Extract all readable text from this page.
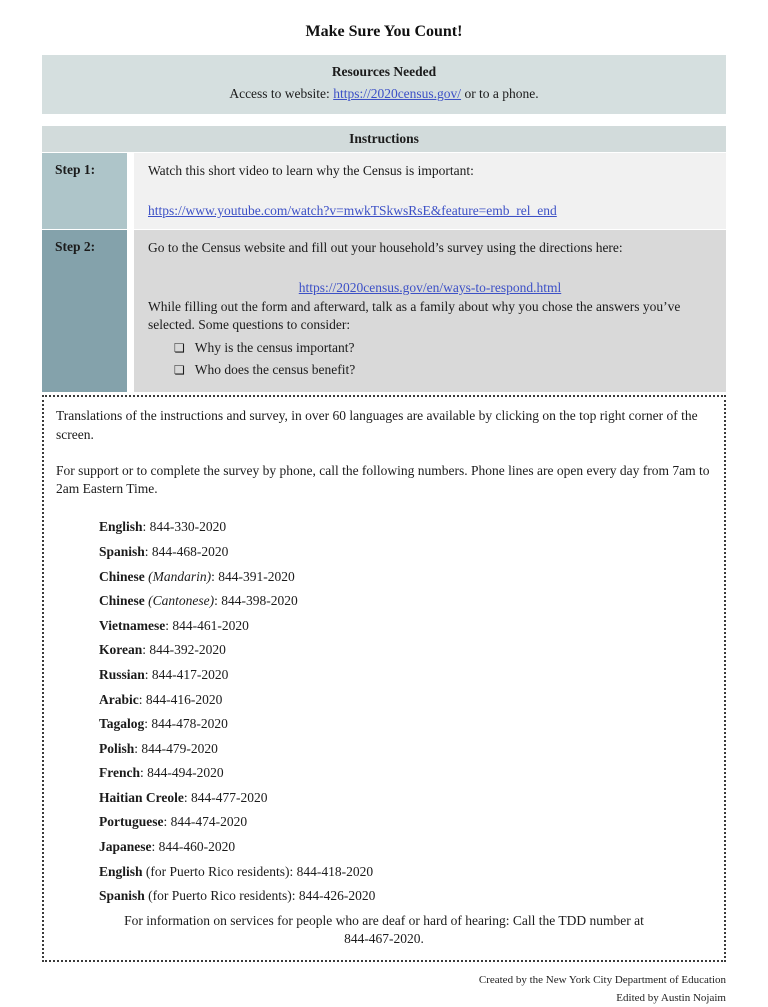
Make Sure You Count!
Resources Needed
Access to website: https://2020census.gov/ or to a phone.
Instructions
Step 1:	Watch this short video to learn why the Census is important:

https://www.youtube.com/watch?v=mwkTSkwsRsE&feature=emb_rel_end
Step 2:	Go to the Census website and fill out your household’s survey using the directions here:

https://2020census.gov/en/ways-to-respond.html

While filling out the form and afterward, talk as a family about why you chose the answers you’ve selected. Some questions to consider:

❏ Why is the census important?
❏ Who does the census benefit?

Translations of the instructions and survey, in over 60 languages are available by clicking on the top right corner of the screen.

For support or to complete the survey by phone, call the following numbers. Phone lines are open every day from 7am to 2am Eastern Time.

English: 844-330-2020
Spanish: 844-468-2020
Chinese (Mandarin): 844-391-2020
Chinese (Cantonese): 844-398-2020
Vietnamese: 844-461-2020
Korean: 844-392-2020
Russian: 844-417-2020
Arabic: 844-416-2020
Tagalog: 844-478-2020
Polish: 844-479-2020
French: 844-494-2020
Haitian Creole: 844-477-2020
Portuguese: 844-474-2020
Japanese: 844-460-2020
English (for Puerto Rico residents): 844-418-2020
Spanish (for Puerto Rico residents): 844-426-2020
For information on services for people who are deaf or hard of hearing: Call the TDD number at
844-467-2020.
Created by the New York City Department of Education
Edited by Austin Nojaim
